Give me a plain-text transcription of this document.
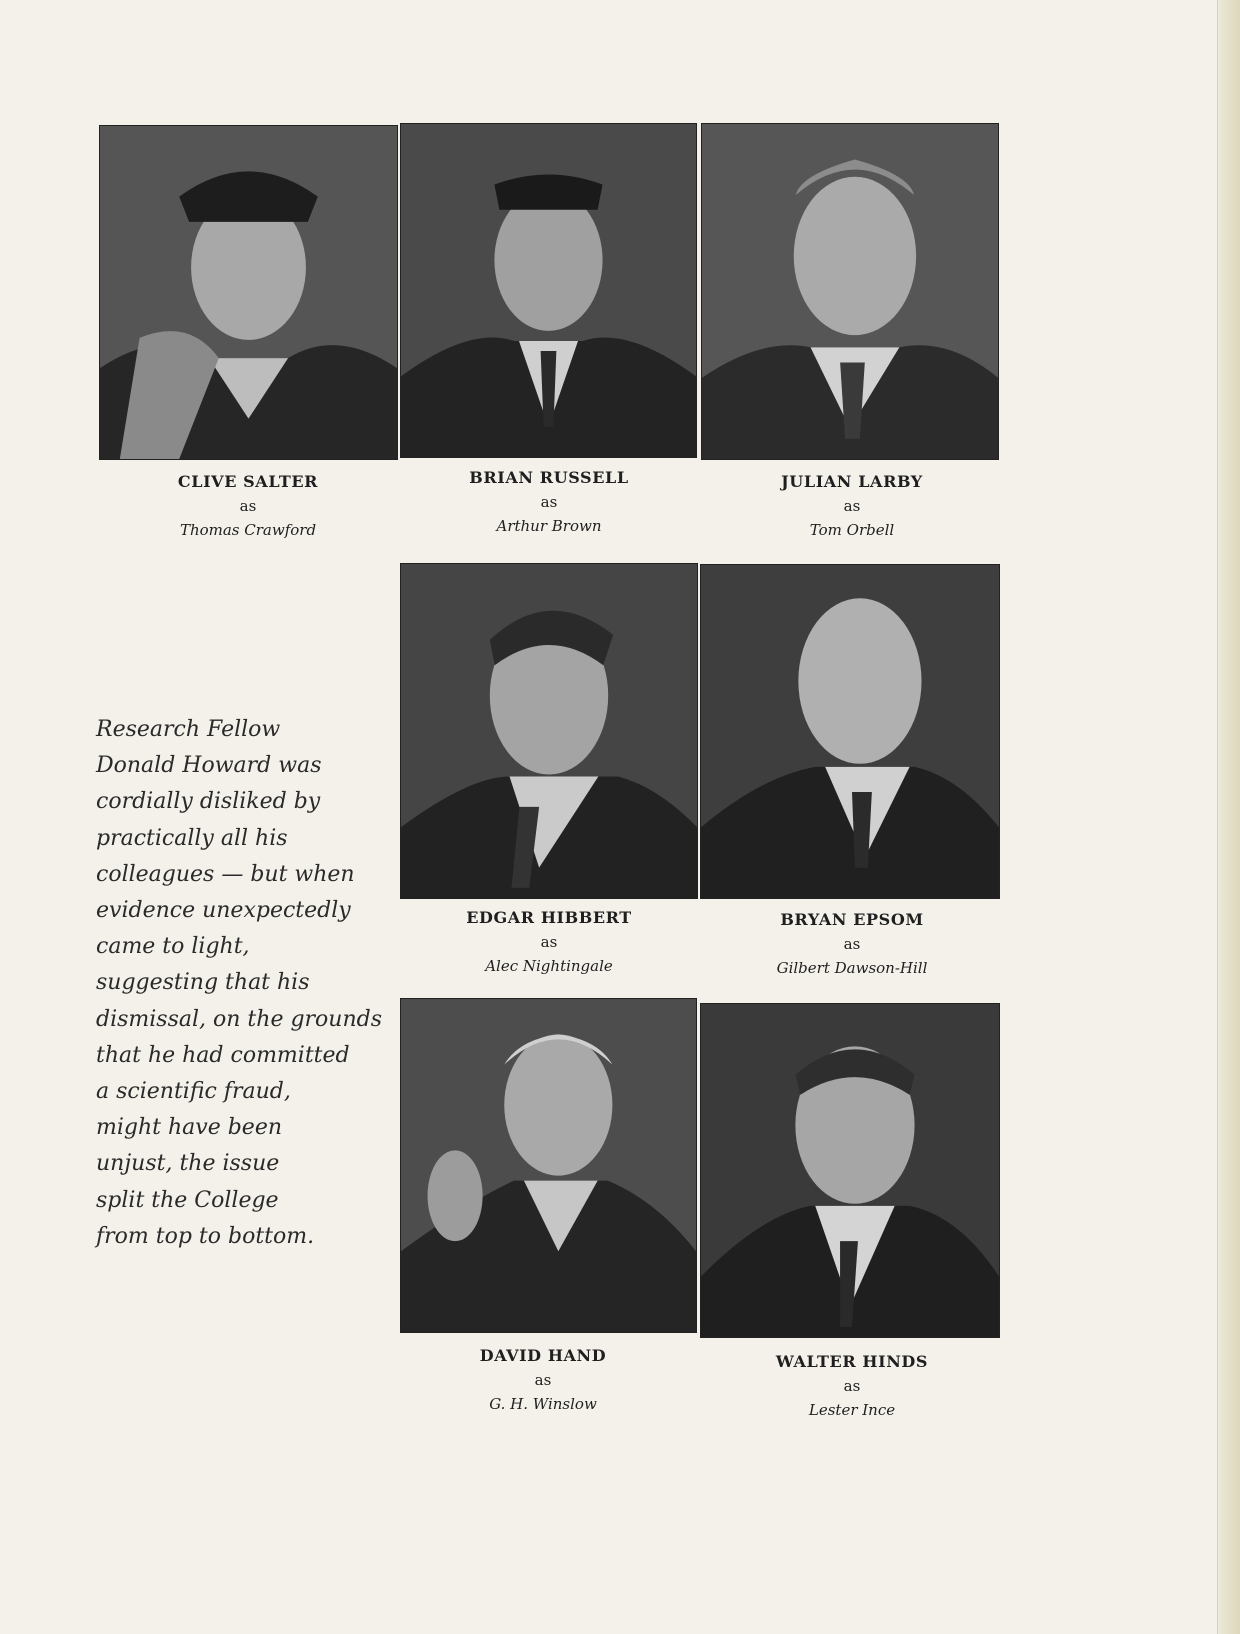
CLIVE SALTER
as
Thomas Crawford
BRIAN RUSSELL
as
Arthur Brown
JULIAN LARBY
as
Tom Orbell
EDGAR HIBBERT
as
Alec Nightingale
BRYAN EPSOM
as
Gilbert Dawson-Hill
DAVID HAND
as
G. H. Winslow
WALTER HINDS
as
Lester Ince
Research Fellow
Donald Howard was
cordially disliked by
practically all his
colleagues — but when
evidence unexpectedly
came to light,
suggesting that his
dismissal, on the grounds
that he had committed
a scientific fraud,
might have been
unjust, the issue
split the College
from top to bottom.
